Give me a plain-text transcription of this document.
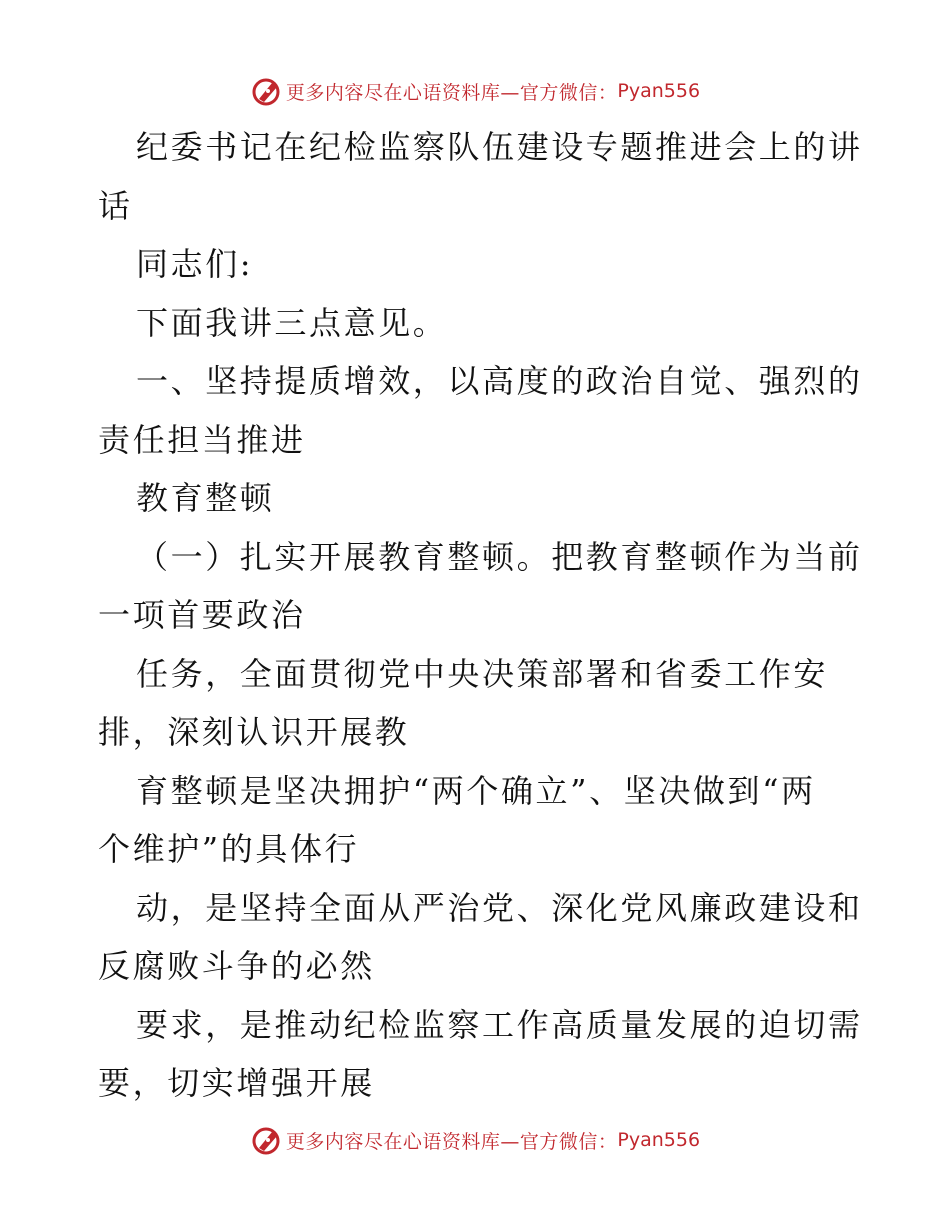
更多内容尽在心语资料库—官方微信： Pyan556
纪委书记在纪检监察队伍建设专题推进会上的讲
话
同志们:
下面我讲三点意见。
一、坚持提质增效，以高度的政治自觉、强烈的
责任担当推进
教育整顿
（一）扎实开展教育整顿。把教育整顿作为当前
一项首要政治
任务，全面贯彻党中央决策部署和省委工作安
排，深刻认识开展教
育整顿是坚决拥护“两个确立”、坚决做到“两
个维护”的具体行
动，是坚持全面从严治党、深化党风廉政建设和
反腐败斗争的必然
要求，是推动纪检监察工作高质量发展的迫切需
要，切实增强开展
更多内容尽在心语资料库—官方微信： Pyan556
